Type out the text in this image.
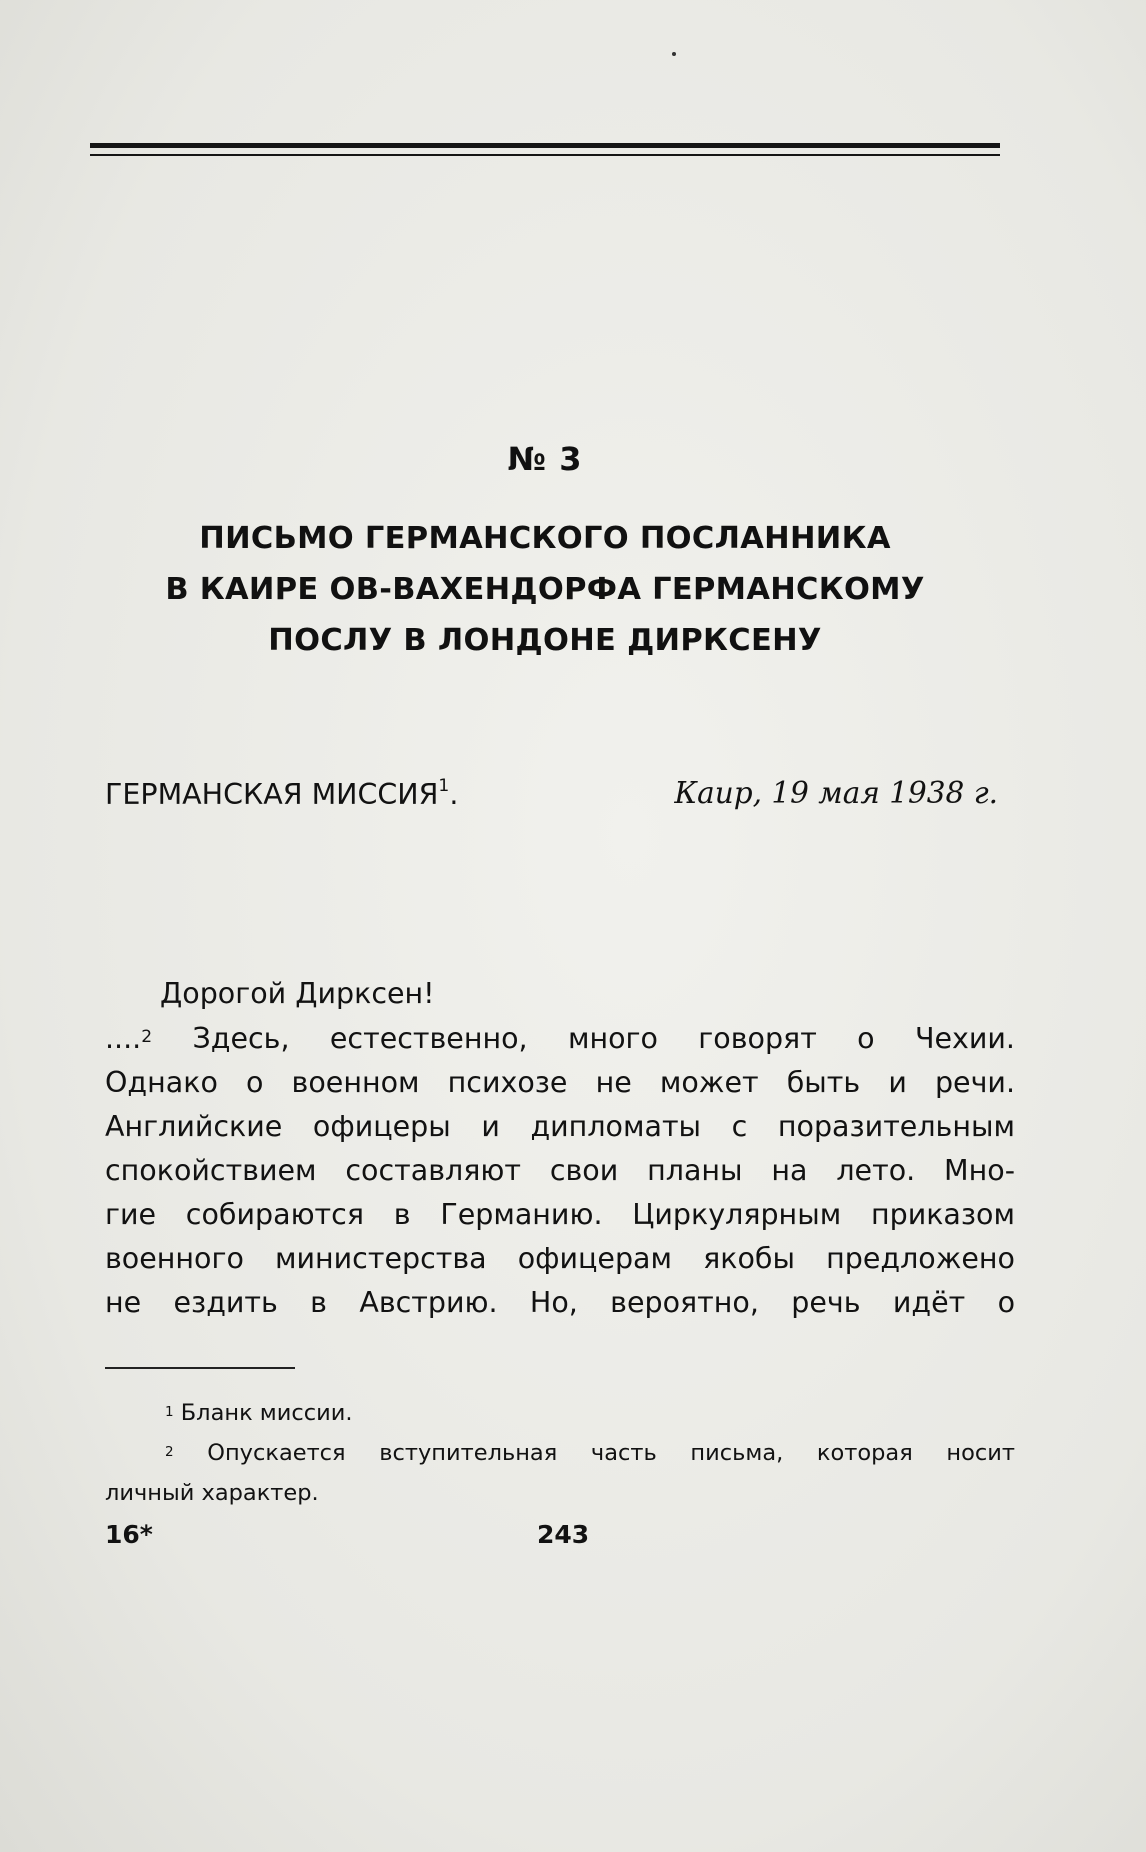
№ 3
ПИСЬМО ГЕРМАНСКОГО ПОСЛАННИКА
В КАИРЕ ОВ-ВАХЕНДОРФА ГЕРМАНСКОМУ
ПОСЛУ В ЛОНДОНЕ ДИРКСЕНУ
ГЕРМАНСКАЯ МИССИЯ$^1$.	Каир, 19 мая 1938 г.
Дорогой Дирксен!
....$^2$ Здесь, естественно, много говорят о Чехии.
Однако о военном психозе не может быть и речи.
Английские офицеры и дипломаты с поразительным
спокойствием составляют свои планы на лето. Мно-
гие собираются в Германию. Циркулярным приказом
военного министерства офицерам якобы предложено
не ездить в Австрию. Но, вероятно, речь идёт о
$^1$ Бланк миссии.
$^2$ Опускается вступительная часть письма, которая носит
личный характер.
16*	243
